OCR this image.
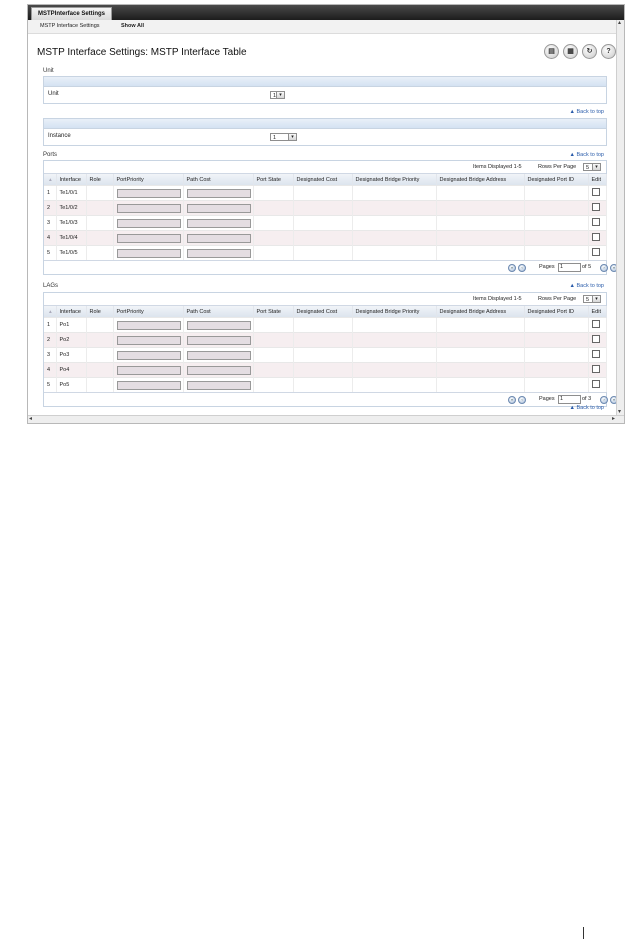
MSTPInterface Settings
MSTP Interface Settings	Show All
MSTP Interface Settings: MSTP Interface Table	▤	▦	↻	?
Unit
Unit	1 ▾
▲ Back to top
Instance	1	▾
▲ Back to top
Ports
Items Displayed 1-5	Rows Per Page	5	▾
▴	Interface	Role	PortPriority	Path Cost	Port State	Designated Cost	Designated Bridge Priority	Designated Bridge Address	Designated Port ID	Edit
1	Te1/0/1		

2	Te1/0/2		

3	Te1/0/3		

4	Te1/0/4		

5	Te1/0/5		

«	‹	Pages 1	of 5	›	»
▲ Back to top
LAGs
Items Displayed 1-5	Rows Per Page	5	▾
▴	Interface	Role	PortPriority	Path Cost	Port State	Designated Cost	Designated Bridge Priority	Designated Bridge Address	Designated Port ID	Edit
1	Po1		

2	Po2		

3	Po3		

4	Po4		

5	Po5		

«	‹	Pages 1	of 3	›	»
▲ Back to top
▴
▾
◂	▸
